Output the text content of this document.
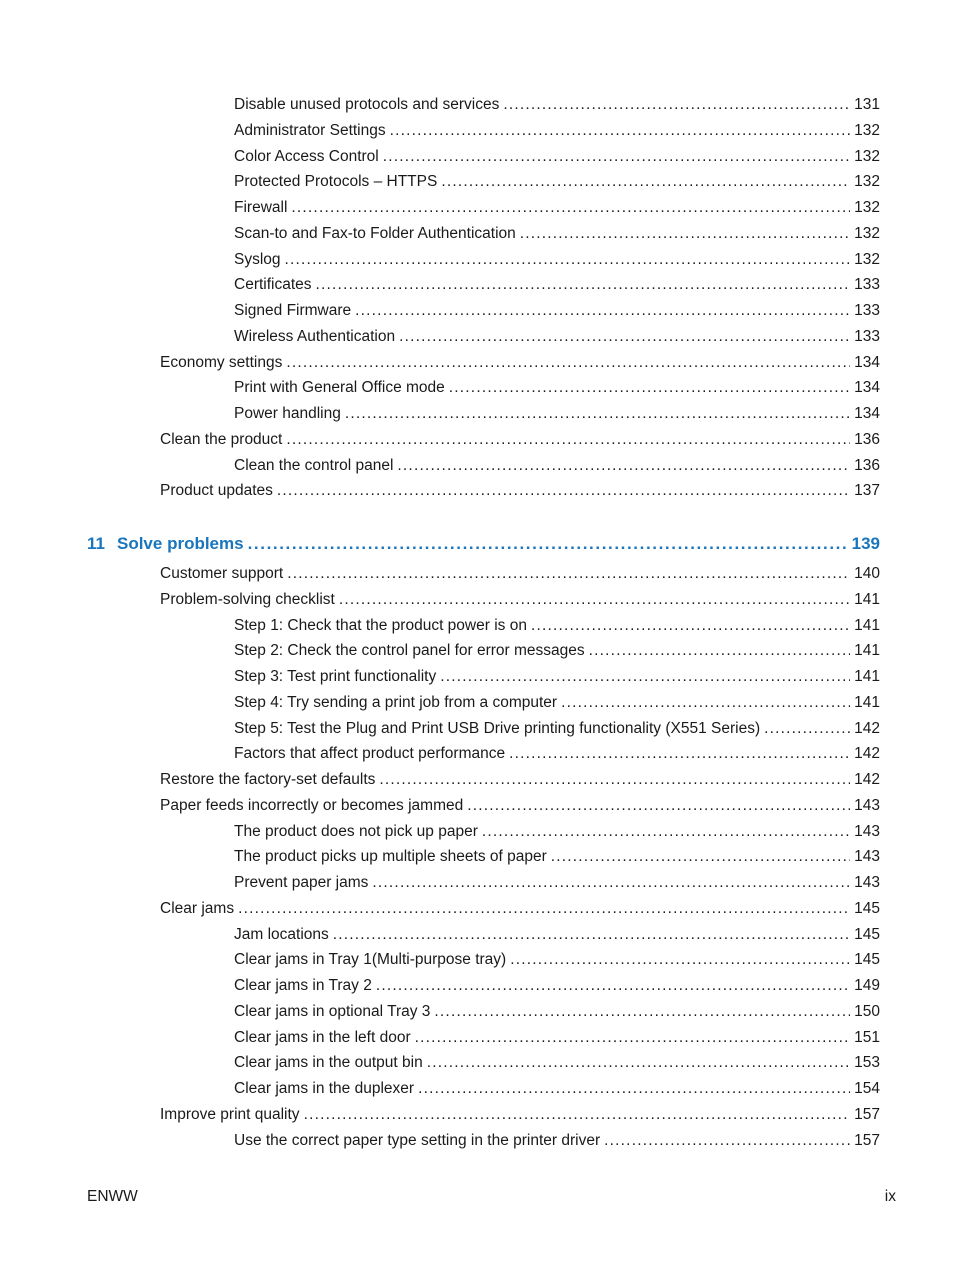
Disable unused protocols and services .....	131
Administrator Settings .....	132
Color Access Control .....	132
Protected Protocols – HTTPS .....	132
Firewall .....	132
Scan-to and Fax-to Folder Authentication .....	132
Syslog .....	132
Certificates .....	133
Signed Firmware .....	133
Wireless Authentication .....	133
Economy settings .....	134
Print with General Office mode .....	134
Power handling .....	134
Clean the product .....	136
Clean the control panel .....	136
Product updates .....	137
11 Solve problems .....	139
Customer support .....	140
Problem-solving checklist .....	141
Step 1: Check that the product power is on .....	141
Step 2: Check the control panel for error messages .....	141
Step 3: Test print functionality .....	141
Step 4: Try sending a print job from a computer .....	141
Step 5: Test the Plug and Print USB Drive printing functionality (X551 Series) .....	142
Factors that affect product performance .....	142
Restore the factory-set defaults .....	142
Paper feeds incorrectly or becomes jammed .....	143
The product does not pick up paper .....	143
The product picks up multiple sheets of paper .....	143
Prevent paper jams .....	143
Clear jams .....	145
Jam locations .....	145
Clear jams in Tray 1(Multi-purpose tray) .....	145
Clear jams in Tray 2 .....	149
Clear jams in optional Tray 3 .....	150
Clear jams in the left door .....	151
Clear jams in the output bin .....	153
Clear jams in the duplexer .....	154
Improve print quality .....	157
Use the correct paper type setting in the printer driver .....	157
ENWW	ix
